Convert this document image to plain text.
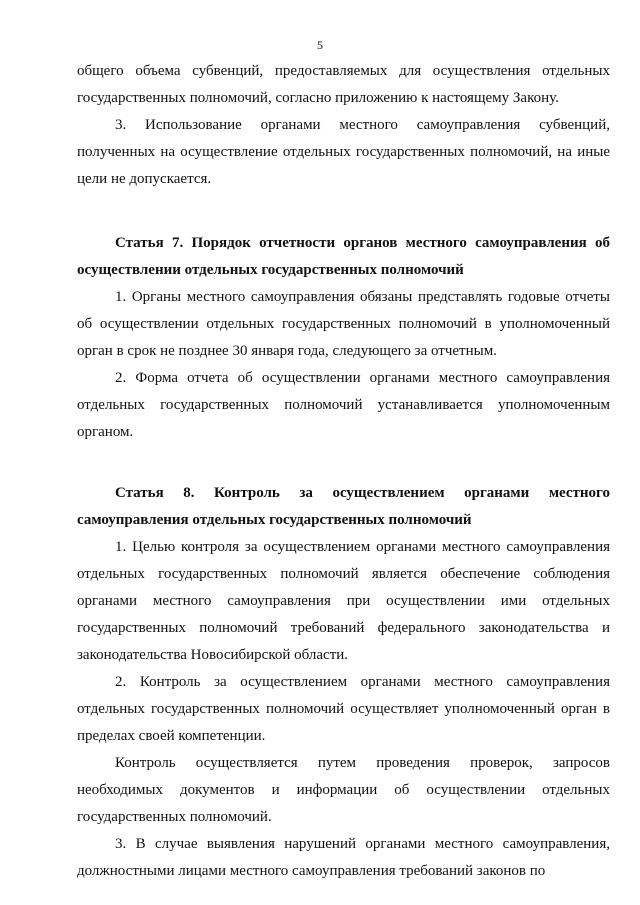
5

общего объема субвенций, предоставляемых для осуществления отдельных государственных полномочий, согласно приложению к настоящему Закону.

3. Использование органами местного самоуправления субвенций, полученных на осуществление отдельных государственных полномочий, на иные цели не допускается.

Статья 7. Порядок отчетности органов местного самоуправления об осуществлении отдельных государственных полномочий

1. Органы местного самоуправления обязаны представлять годовые отчеты об осуществлении отдельных государственных полномочий в уполномоченный орган в срок не позднее 30 января года, следующего за отчетным.

2. Форма отчета об осуществлении органами местного самоуправления отдельных государственных полномочий устанавливается уполномоченным органом.

Статья 8. Контроль за осуществлением органами местного самоуправления отдельных государственных полномочий

1. Целью контроля за осуществлением органами местного самоуправления отдельных государственных полномочий является обеспечение соблюдения органами местного самоуправления при осуществлении ими отдельных государственных полномочий требований федерального законодательства и законодательства Новосибирской области.

2. Контроль за осуществлением органами местного самоуправления отдельных государственных полномочий осуществляет уполномоченный орган в пределах своей компетенции.

Контроль осуществляется путем проведения проверок, запросов необходимых документов и информации об осуществлении отдельных государственных полномочий.

3. В случае выявления нарушений органами местного самоуправления, должностными лицами местного самоуправления требований законов по
